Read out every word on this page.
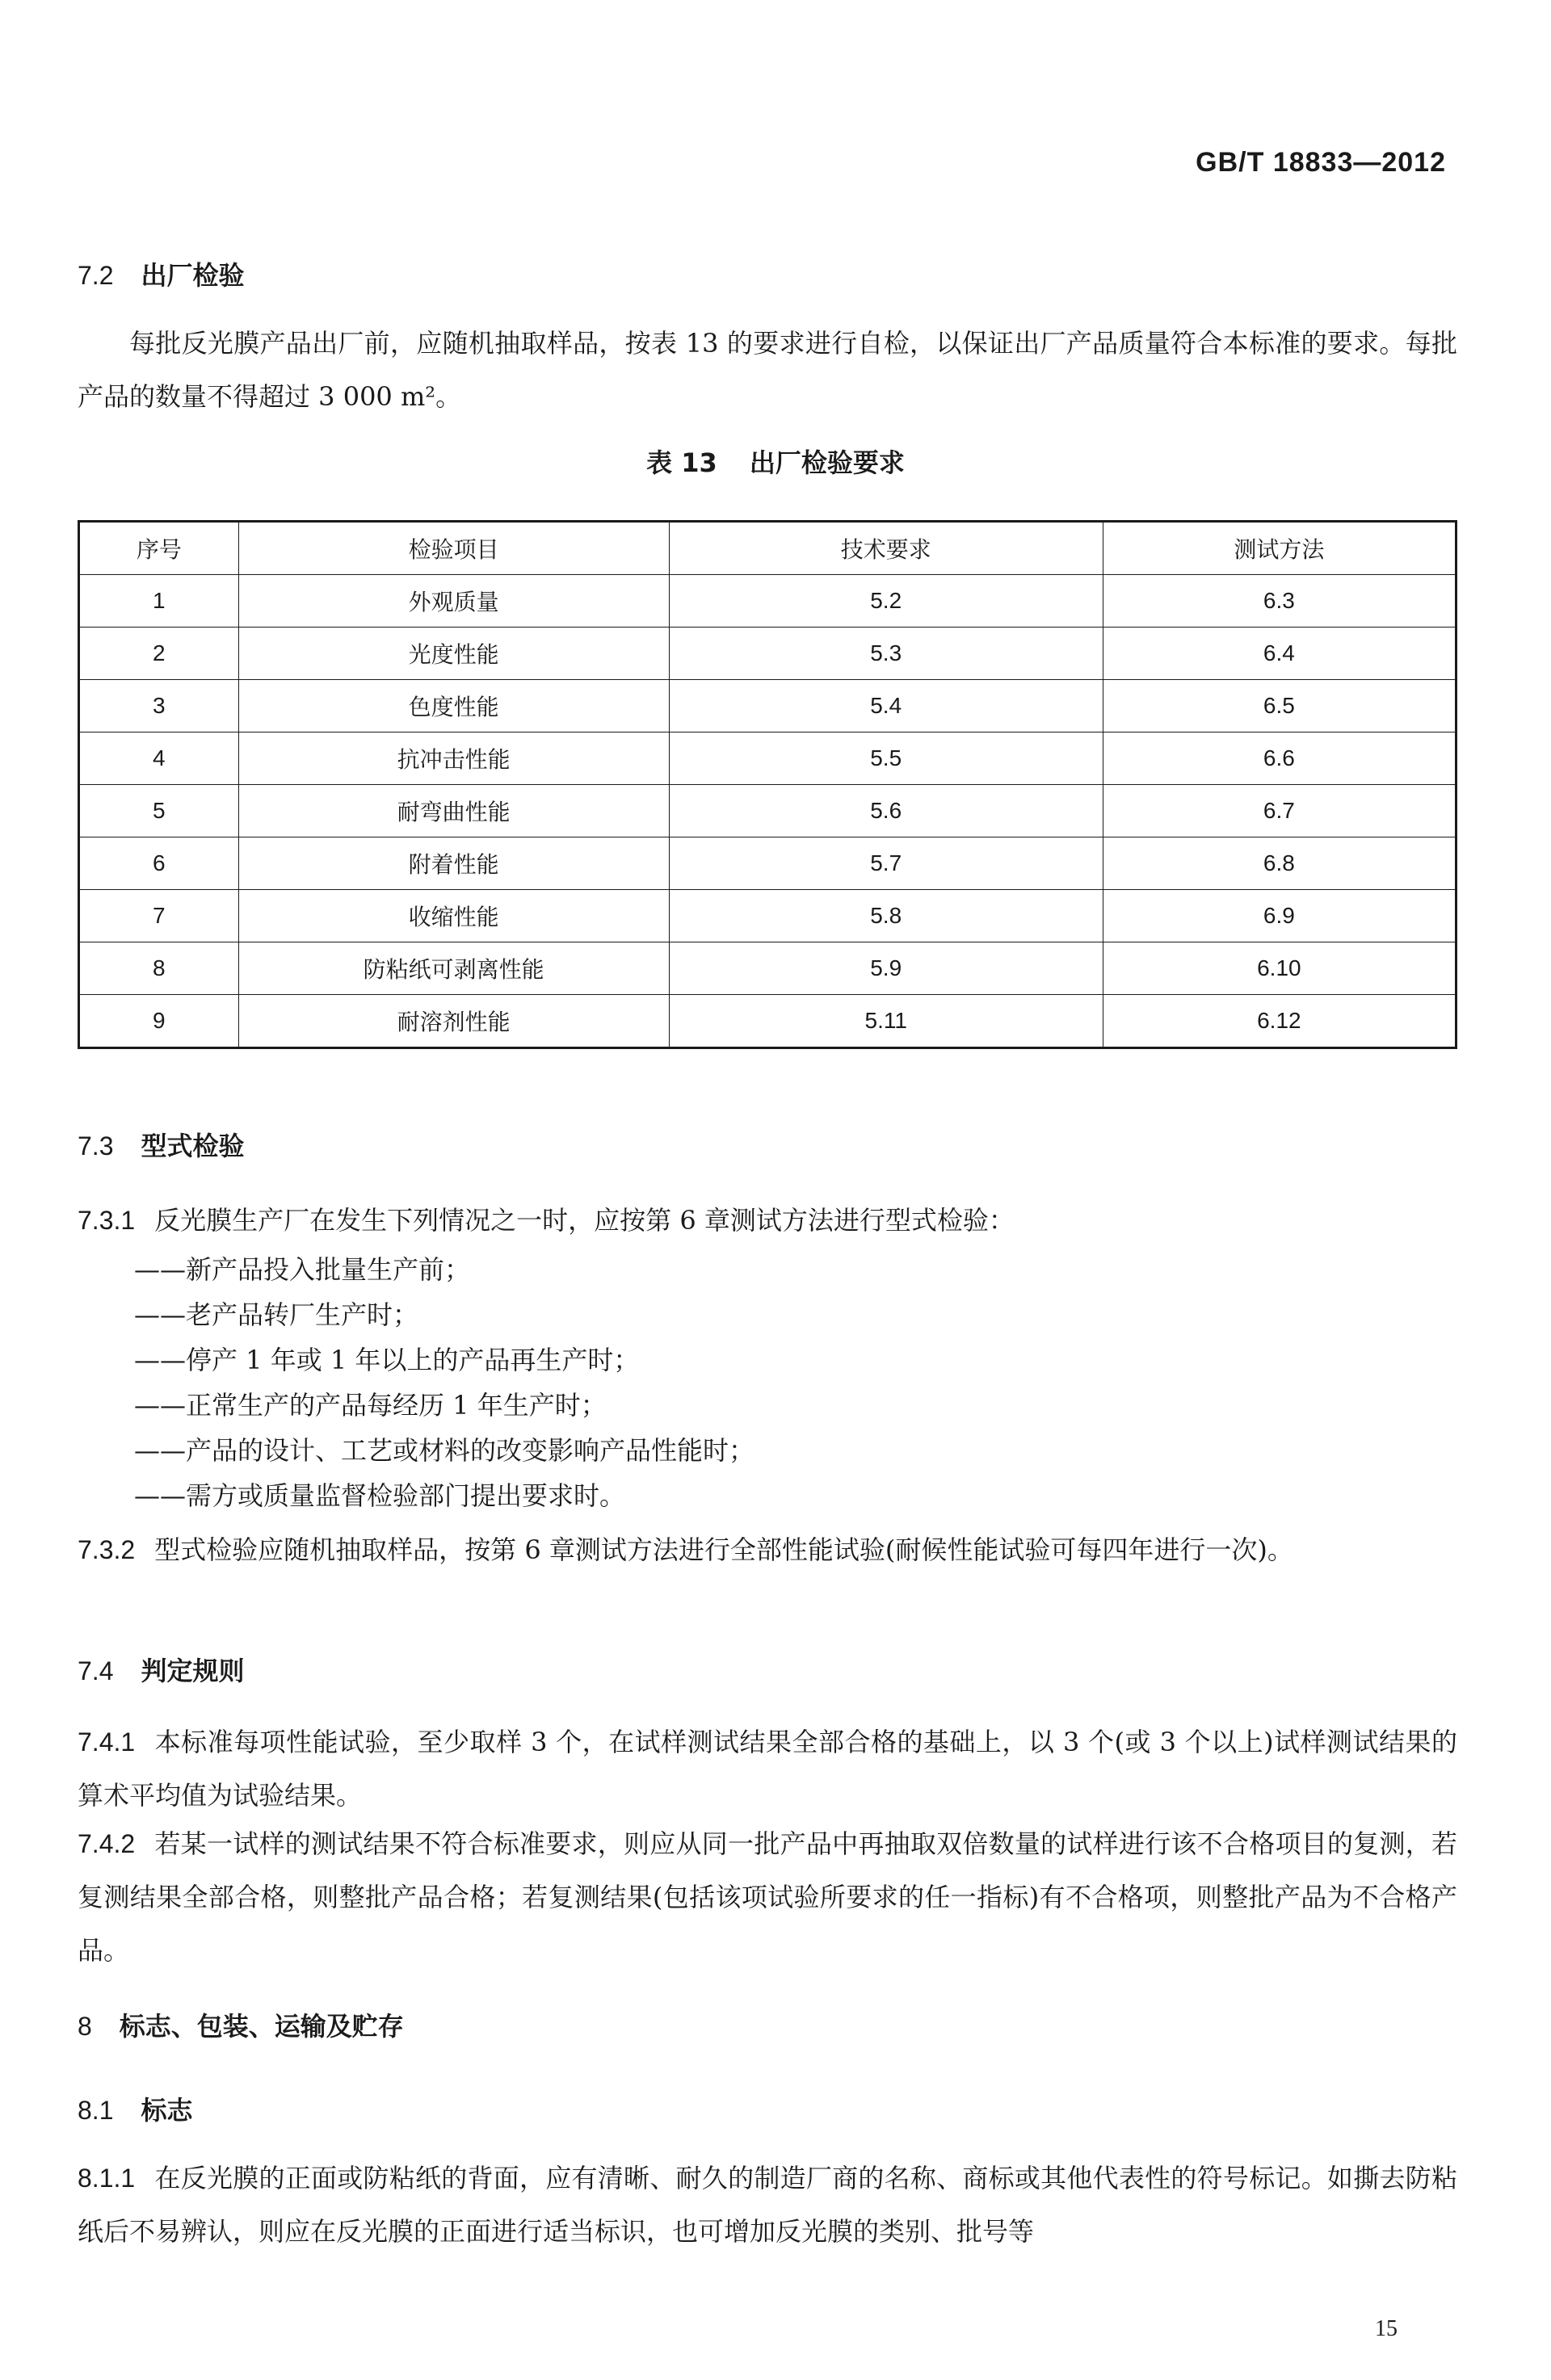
GB/T 18833—2012
7.2 出厂检验
每批反光膜产品出厂前，应随机抽取样品，按表 13 的要求进行自检，以保证出厂产品质量符合本标准的要求。每批产品的数量不得超过 3 000 m²。
表 13 出厂检验要求
序号	检验项目	技术要求	测试方法
1	外观质量	5.2	6.3
2	光度性能	5.3	6.4
3	色度性能	5.4	6.5
4	抗冲击性能	5.5	6.6
5	耐弯曲性能	5.6	6.7
6	附着性能	5.7	6.8
7	收缩性能	5.8	6.9
8	防粘纸可剥离性能	5.9	6.10
9	耐溶剂性能	5.11	6.12
7.3 型式检验
7.3.1 反光膜生产厂在发生下列情况之一时，应按第 6 章测试方法进行型式检验：
——新产品投入批量生产前；
——老产品转厂生产时；
——停产 1 年或 1 年以上的产品再生产时；
——正常生产的产品每经历 1 年生产时；
——产品的设计、工艺或材料的改变影响产品性能时；
——需方或质量监督检验部门提出要求时。
7.3.2 型式检验应随机抽取样品，按第 6 章测试方法进行全部性能试验(耐候性能试验可每四年进行一次)。
7.4 判定规则
7.4.1 本标准每项性能试验，至少取样 3 个，在试样测试结果全部合格的基础上，以 3 个(或 3 个以上)试样测试结果的算术平均值为试验结果。
7.4.2 若某一试样的测试结果不符合标准要求，则应从同一批产品中再抽取双倍数量的试样进行该不合格项目的复测，若复测结果全部合格，则整批产品合格；若复测结果(包括该项试验所要求的任一指标)有不合格项，则整批产品为不合格产品。
8 标志、包装、运输及贮存
8.1 标志
8.1.1 在反光膜的正面或防粘纸的背面，应有清晰、耐久的制造厂商的名称、商标或其他代表性的符号标记。如撕去防粘纸后不易辨认，则应在反光膜的正面进行适当标识，也可增加反光膜的类别、批号等
15
